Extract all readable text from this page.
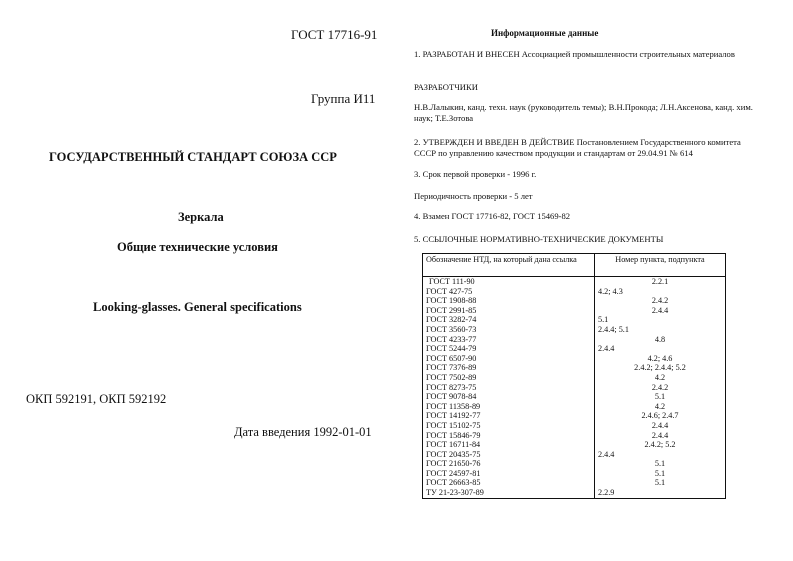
ГОСТ 17716-91
Группа И11
ГОСУДАРСТВЕННЫЙ СТАНДАРТ СОЮЗА ССР
Зеркала
Общие технические условия
Looking-glasses. General specifications
ОКП 592191, ОКП 592192
Дата введения 1992-01-01
Информационные данные
1. РАЗРАБОТАН И ВНЕСЕН Ассоциацией промышленности строительных материалов
РАЗРАБОТЧИКИ
Н.В.Лалыкин, канд. техн. наук (руководитель темы); В.Н.Прокода; Л.Н.Аксенова, канд. хим. наук; Т.Е.Зотова
2. УТВЕРЖДЕН И ВВЕДЕН В ДЕЙСТВИЕ Постановлением Государственного комитета СССР по управлению качеством продукции и стандартам от 29.04.91 № 614
3. Срок первой проверки - 1996 г.
Периодичность проверки - 5 лет
4. Взамен ГОСТ 17716-82, ГОСТ 15469-82
5. ССЫЛОЧНЫЕ НОРМАТИВНО-ТЕХНИЧЕСКИЕ ДОКУМЕНТЫ
Обозначение НТД, на который дана ссылка	Номер пункта, подпункта
ГОСТ 111-90	2.2.1
ГОСТ 427-75	4.2; 4.3
ГОСТ 1908-88	2.4.2
ГОСТ 2991-85	2.4.4
ГОСТ 3282-74	5.1
ГОСТ 3560-73	2.4.4; 5.1
ГОСТ 4233-77	4.8
ГОСТ 5244-79	2.4.4
ГОСТ 6507-90	4.2; 4.6
ГОСТ 7376-89	2.4.2; 2.4.4; 5.2
ГОСТ 7502-89	4.2
ГОСТ 8273-75	2.4.2
ГОСТ 9078-84	5.1
ГОСТ 11358-89	4.2
ГОСТ 14192-77	2.4.6; 2.4.7
ГОСТ 15102-75	2.4.4
ГОСТ 15846-79	2.4.4
ГОСТ 16711-84	2.4.2; 5.2
ГОСТ 20435-75	2.4.4
ГОСТ 21650-76	5.1
ГОСТ 24597-81	5.1
ГОСТ 26663-85	5.1
ТУ 21-23-307-89	2.2.9
